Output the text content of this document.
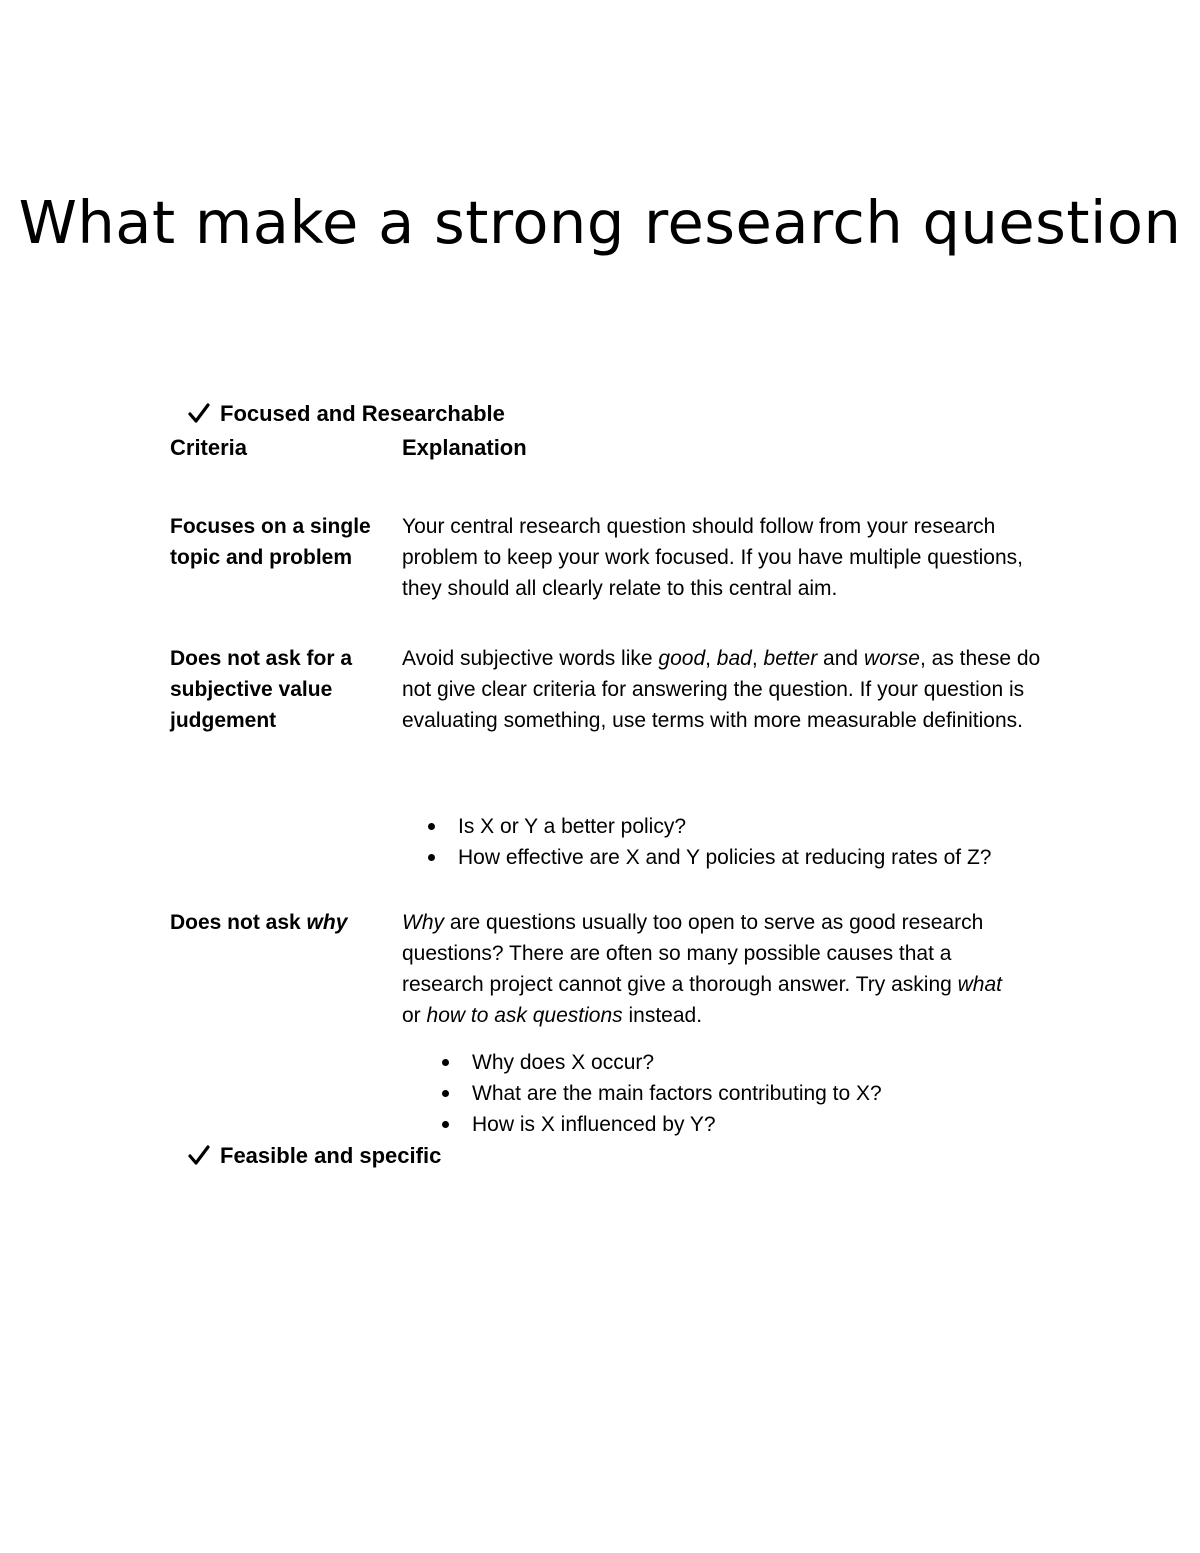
What make a strong research question
Focused and Researchable
Criteria	Explanation
Focuses on a single topic and problem
Your central research question should follow from your research problem to keep your work focused. If you have multiple questions, they should all clearly relate to this central aim.
Does not ask for a subjective value judgement
Avoid subjective words like good, bad, better and worse, as these do not give clear criteria for answering the question. If your question is evaluating something, use terms with more measurable definitions.
Is X or Y a better policy?
How effective are X and Y policies at reducing rates of Z?
Does not ask why	Why are questions usually too open to serve as good research questions? There are often so many possible causes that a research project cannot give a thorough answer. Try asking what or how to ask questions instead.
Why does X occur?
What are the main factors contributing to X?
How is X influenced by Y?
Feasible and specific
